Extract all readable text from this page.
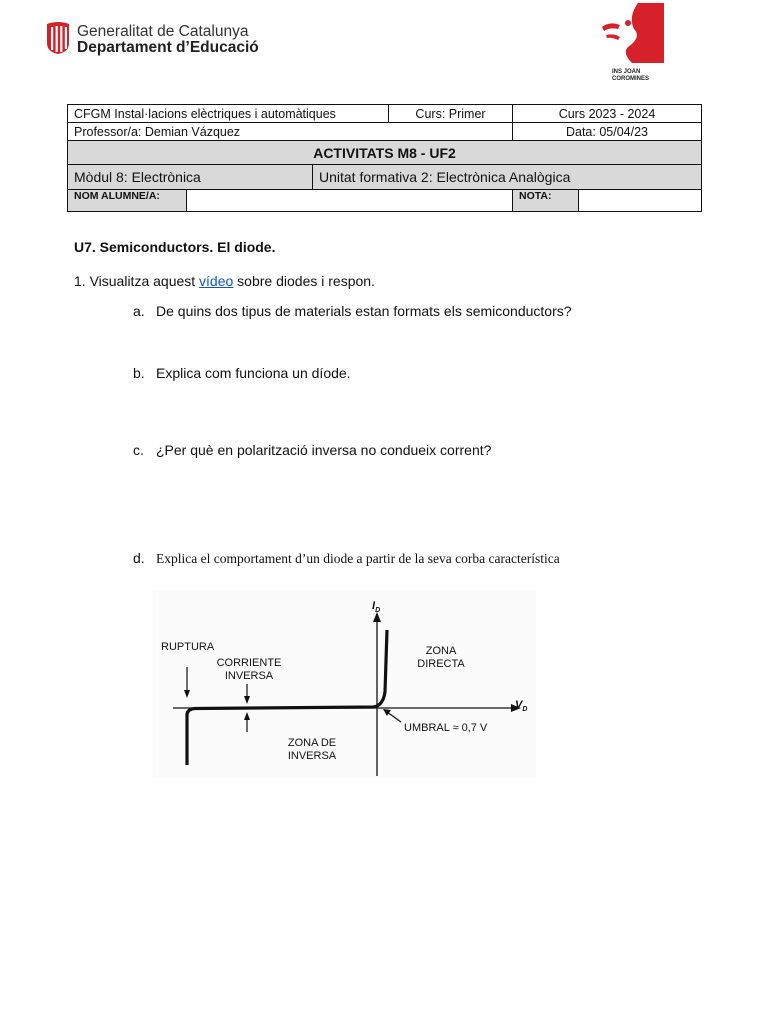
Generalitat de Catalunya
Departament d’Educació
INS JOAN
COROMINES
CFGM Instal·lacions elèctriques i automàtiques			Curs: Primer	Curs 2023 - 2024	
Professor/a: Demian Vázquez				Data: 05/04/23	
ACTIVITATS M8 - UF2					
Mòdul 8: Electrònica		Unitat formativa 2: Electrònica Analògica			
NOM ALUMNE/A:				NOTA:	
U7. Semiconductors. El diode.
1. Visualitza aquest vídeo sobre diodes i respon.
a. De quins dos tipus de materials estan formats els semiconductors?
b. Explica com funciona un díode.
c. ¿Per què en polarització inversa no condueix corrent?
d. Explica el comportament d’un diode a partir de la seva corba característica
$I_D$
$V_D$
RUPTURA
CORRIENTE
INVERSA
ZONA
DIRECTA
UMBRAL ≈ 0,7 V
ZONA DE
INVERSA
